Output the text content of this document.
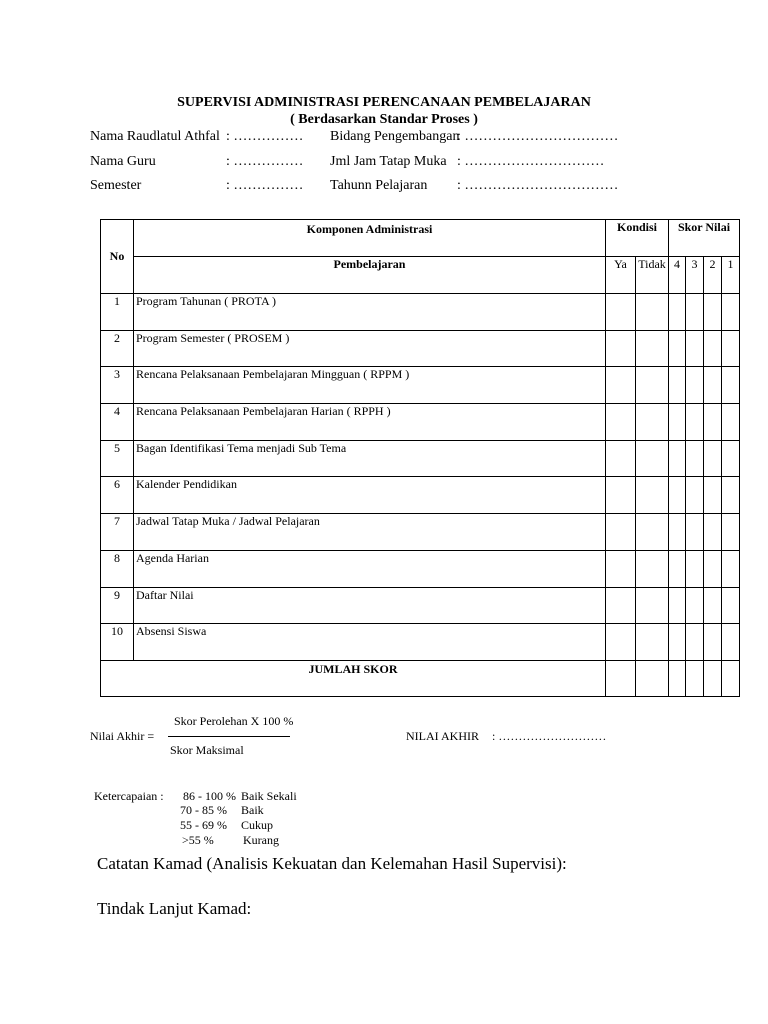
SUPERVISI ADMINISTRASI PERENCANAAN PEMBELAJARAN
( Berdasarkan Standar Proses )
Nama Raudlatul Athfal : ……………
Nama Guru	: ……………
Semester	: ……………
Bidang Pengembangan
: ……………………………
Jml Jam Tatap Muka : …………………………
Tahunn Pelajaran : ……………………………
No	Komponen Administrasi	Kondisi		Skor Nilai			
	Pembelajaran	Ya	Tidak	4	3	2	1
1	Program Tahunan ( PROTA )						
2	Program Semester ( PROSEM )						
3	Rencana Pelaksanaan Pembelajaran Mingguan ( RPPM )						
4	Rencana Pelaksanaan Pembelajaran Harian ( RPPH )						
5	Bagan Identifikasi Tema menjadi Sub Tema						
6	Kalender Pendidikan						
7	Jadwal Tatap Muka / Jadwal Pelajaran						
8	Agenda Harian						
9	Daftar Nilai						
10	Absensi Siswa						
JUMLAH SKOR							
Skor Perolehan X 100 %
Nilai Akhir =
Skor Maksimal
NILAI AKHIR : ………………………
Ketercapaian : 86 - 100 % Baik Sekali
70 - 85 % Baik
55 - 69 % Cukup
>55 % Kurang
Catatan Kamad (Analisis Kekuatan dan Kelemahan Hasil Supervisi):
Tindak Lanjut Kamad:
